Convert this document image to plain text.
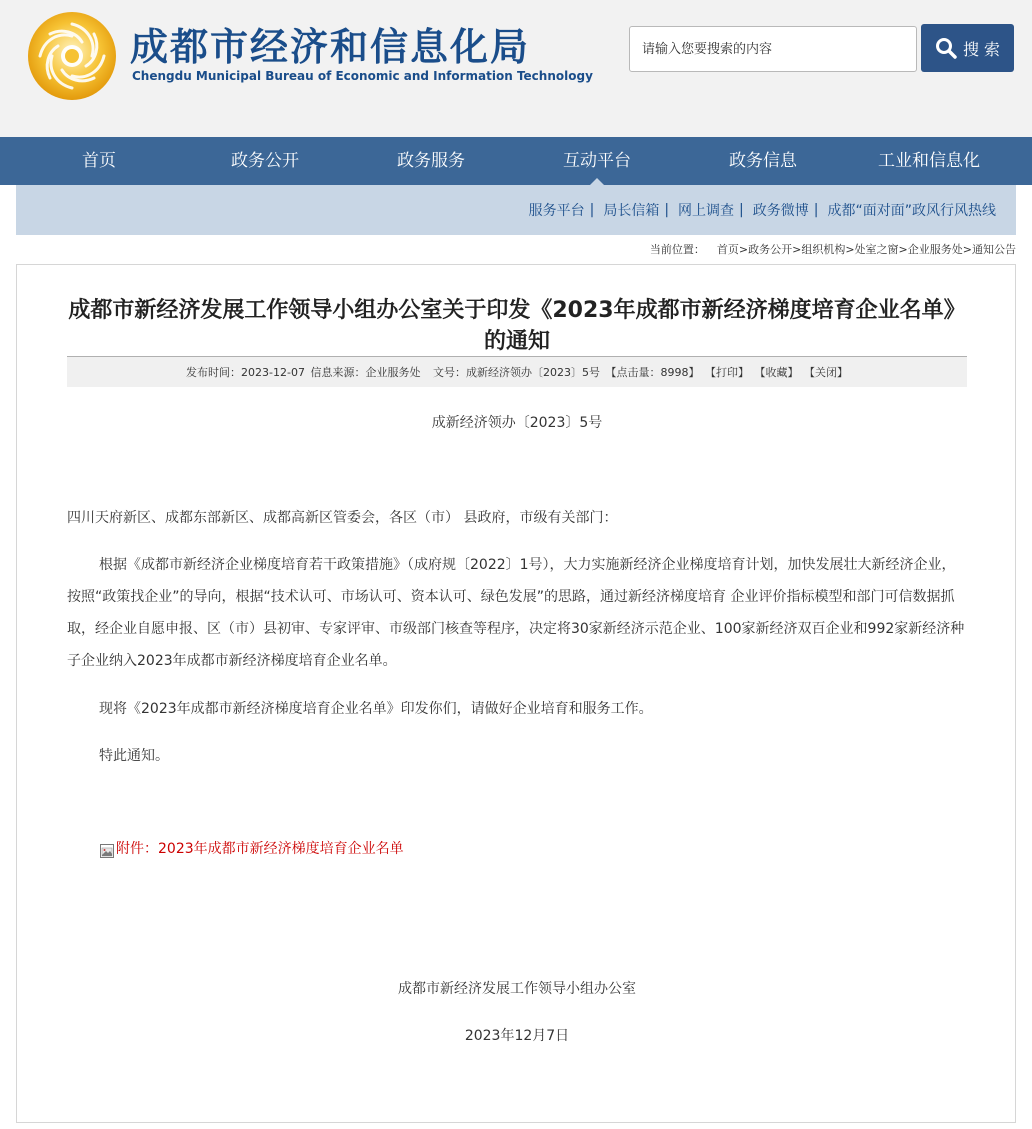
成都市经济和信息化局
Chengdu Municipal Bureau of Economic and Information Technology
请输入您要搜索的内容
搜 索
首页	政务公开	政务服务	互动平台	政务信息	工业和信息化
服务平台 | 局长信箱 | 网上调查 | 政务微博 | 成都“面对面”政风行风热线
当前位置： 首页>政务公开>组织机构>处室之窗>企业服务处>通知公告
成都市新经济发展工作领导小组办公室关于印发《2023年成都市新经济梯度培育企业名单》的通知
发布时间：2023-12-07 信息来源：企业服务处 文号：成新经济领办〔2023〕5号 【点击量：8998】 【打印】 【收藏】 【关闭】
成新经济领办〔2023〕5号
四川天府新区、成都东部新区、成都高新区管委会，各区（市） 县政府，市级有关部门：
根据《成都市新经济企业梯度培育若干政策措施》（成府规〔2022〕1号），大力实施新经济企业梯度培育计划，加快发展壮大新经济企业，按照“政策找企业”的导向，根据“技术认可、市场认可、资本认可、绿色发展”的思路，通过新经济梯度培育 企业评价指标模型和部门可信数据抓取，经企业自愿申报、区（市）县初审、专家评审、市级部门核查等程序，决定将30家新经济示范企业、100家新经济双百企业和992家新经济种子企业纳入2023年成都市新经济梯度培育企业名单。
现将《2023年成都市新经济梯度培育企业名单》印发你们，请做好企业培育和服务工作。
特此通知。
附件：2023年成都市新经济梯度培育企业名单
成都市新经济发展工作领导小组办公室
2023年12月7日
